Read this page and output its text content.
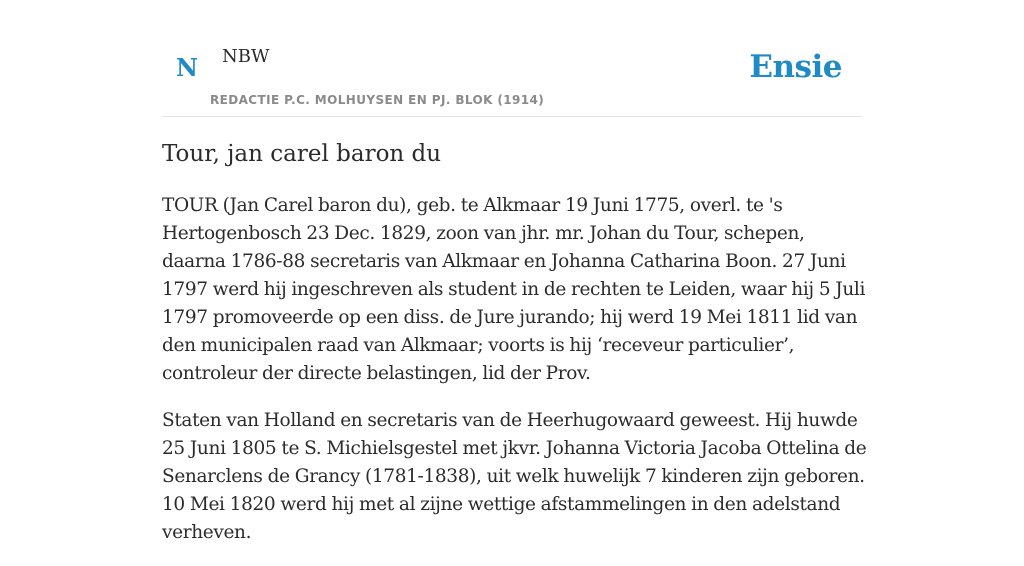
N NBW
REDACTIE P.C. MOLHUYSEN EN PJ. BLOK (1914)
Ensie
Tour, jan carel baron du

TOUR (Jan Carel baron du), geb. te Alkmaar 19 Juni 1775, overl. te 's Hertogenbosch 23 Dec. 1829, zoon van jhr. mr. Johan du Tour, schepen, daarna 1786-88 secretaris van Alkmaar en Johanna Catharina Boon. 27 Juni 1797 werd hij ingeschreven als student in de rechten te Leiden, waar hij 5 Juli 1797 promoveerde op een diss. de Jure jurando; hij werd 19 Mei 1811 lid van den municipalen raad van Alkmaar; voorts is hij ‘receveur particulier’, controleur der directe belastingen, lid der Prov.

Staten van Holland en secretaris van de Heerhugowaard geweest. Hij huwde 25 Juni 1805 te S. Michielsgestel met jkvr. Johanna Victoria Jacoba Ottelina de Senarclens de Grancy (1781-1838), uit welk huwelijk 7 kinderen zijn geboren. 10 Mei 1820 werd hij met al zijne wettige afstammelingen in den adelstand verheven.
